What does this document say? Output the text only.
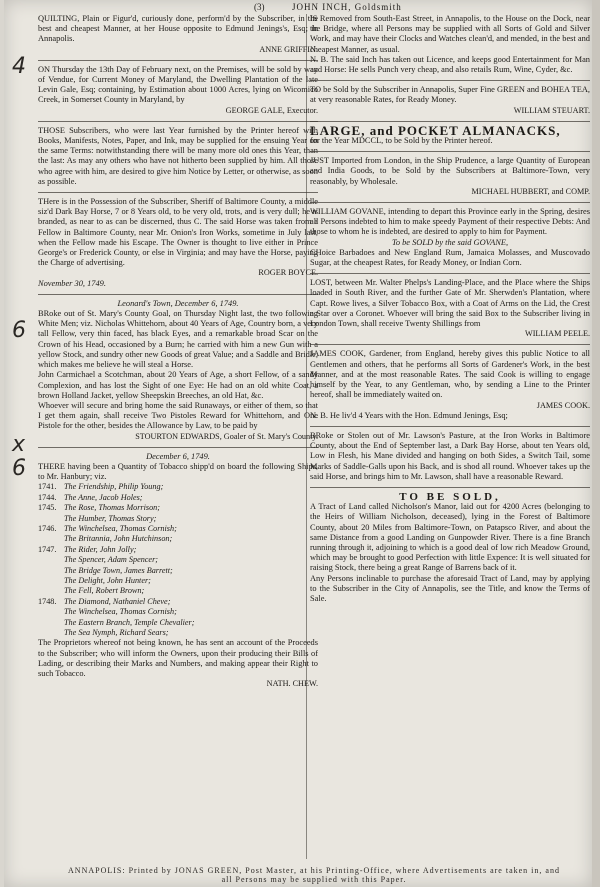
(3)	JOHN INCH, Goldsmith
4
6
x
6

QUILTING, Plain or Figur'd, curiously done, perform'd by the Subscriber, in the best and cheapest Manner, at her House opposite to Edmund Jenings's, Esq; in Annapolis.

ANNE GRIFFIN.

ON Thursday the 13th Day of February next, on the Premises, will be sold by way of Vendue, for Current Money of Maryland, the Dwelling Plantation of the late Levin Gale, Esq; containing, by Estimation about 1000 Acres, lying on Wicomico Creek, in Somerset County in Maryland, by

GEORGE GALE, Executor.

THOSE Subscribers, who were last Year furnished by the Printer hereof with Books, Manifests, Notes, Paper, and Ink, may be supplied for the ensuing Year on the same Terms: notwithstanding there will be many more old ones this Year, than the last: As may any others who have not hitherto been supplied by him. All those who agree with him, are desired to give him Notice by Letter, or otherwise, as soon as possible.

THere is in the Possession of the Subscriber, Sheriff of Baltimore County, a middle siz'd Dark Bay Horse, 7 or 8 Years old, to be very old, trots, and is very dull; he is branded, as near to as can be discerned, thus C. The said Horse was taken from a Fellow in Baltimore County, near Mr. Onion's Iron Works, sometime in July last, when the Fellow made his Escape. The Owner is thought to live either in Prince George's or Frederick County, or else in Virginia; and may have the Horse, paying the Charge of advertising.

ROGER BOYCE.

November 30, 1749.

Leonard's Town, December 6, 1749.

BRoke out of St. Mary's County Goal, on Thursday Night last, the two following White Men; viz. Nicholas Whittehorn, about 40 Years of Age, Country born, a very tall Fellow, very thin faced, has black Eyes, and a remarkable broad Scar on the Crown of his Head, occasioned by a Burn; he carried with him a new Gun with a yellow Stock, and sundry other new Goods of great Value; and a Saddle and Bridle, which makes me believe he will steal a Horse.

John Carmichael a Scotchman, about 20 Years of Age, a short Fellow, of a sandy Complexion, and has lost the Sight of one Eye: He had on an old white Coat, a brown Holland Jacket, yellow Sheepskin Breeches, an old Hat, &c.

Whoever will secure and bring home the said Runaways, or either of them, so that I get them again, shall receive Two Pistoles Reward for Whittehorn, and One Pistole for the other, besides the Allowance by Law, to be paid by

STOURTON EDWARDS, Goaler of St. Mary's County.

December 6, 1749.

THERE having been a Quantity of Tobacco shipp'd on board the following Ships, to Mr. Hanbury; viz.

1741. The Friendship, Philip Young;
1744. The Anne, Jacob Holes;
1745. The Rose, Thomas Morrison;
The Humber, Thomas Story;
1746. The Winchelsea, Thomas Cornish;
The Britannia, John Hutchinson;
1747. The Rider, John Jolly;
The Spencer, Adam Spencer;
The Bridge Town, James Barrett;
The Delight, John Hunter;
The Fell, Robert Brown;
1748. The Diamond, Nathaniel Cheve;
The Winchelsea, Thomas Cornish;
The Eastern Branch, Temple Chevalier;
The Sea Nymph, Richard Sears;

The Proprietors whereof not being known, he has sent an account of the Proceeds to the Subscriber; who will inform the Owners, upon their producing their Bills of Lading, or describing their Marks and Numbers, and making appear their Right to such Tobacco.

NATH. CHEW.

IS Removed from South-East Street, in Annapolis, to the House on the Dock, near the Bridge, where all Persons may be supplied with all Sorts of Gold and Silver Work, and may have their Clocks and Watches clean'd, and mended, in the best and cheapest Manner, as usual.

N. B. The said Inch has taken out Licence, and keeps good Entertainment for Man and Horse: He sells Punch very cheap, and also retails Rum, Wine, Cyder, &c.

TO be Sold by the Subscriber in Annapolis, Super Fine GREEN and BOHEA TEA, at very reasonable Rates, for Ready Money.

WILLIAM STEUART.

LARGE, and POCKET ALMANACKS,

for the Year MDCCL, to be Sold by the Printer hereof.

JUST Imported from London, in the Ship Prudence, a large Quantity of European and India Goods, to be Sold by the Subscribers at Baltimore-Town, very reasonably, by Wholesale.

MICHAEL HUBBERT, and COMP.

WILLIAM GOVANE, intending to depart this Province early in the Spring, desires all Persons indebted to him to make speedy Payment of their respective Debts: And those to whom he is indebted, are desired to apply to him for Payment.

To be SOLD by the said GOVANE,

CHoice Barbadoes and New England Rum, Jamaica Molasses, and Muscovado Sugar, at the cheapest Rates, for Ready Money, or Indian Corn.

LOST, between Mr. Walter Phelps's Landing-Place, and the Place where the Ships loaded in South River, and the further Gate of Mr. Sherwden's Plantation, where Capt. Rowe lives, a Silver Tobacco Box, with a Coat of Arms on the Lid, the Crest a Star over a Coronet. Whoever will bring the said Box to the Subscriber living in London Town, shall receive Twenty Shillings from

WILLIAM PEELE.

JAMES COOK, Gardener, from England, hereby gives this public Notice to all Gentlemen and others, that he performs all Sorts of Gardener's Work, in the best Manner, and at the most reasonable Rates. The said Cook is willing to engage himself by the Year, to any Gentleman, who, by sending a Line to the Printer hereof, shall be immediately waited on.

JAMES COOK.

N. B. He liv'd 4 Years with the Hon. Edmund Jenings, Esq;

BRoke or Stolen out of Mr. Lawson's Pasture, at the Iron Works in Baltimore County, about the End of September last, a Dark Bay Horse, about ten Years old, Low in Flesh, his Mane divided and hanging on both Sides, a Switch Tail, some Marks of Saddle-Galls upon his Back, and is shod all round. Whoever takes up the said Horse, and brings him to Mr. Lawson, shall have a reasonable Reward.

TO BE SOLD,

A Tract of Land called Nicholson's Manor, laid out for 4200 Acres (belonging to the Heirs of William Nicholson, deceased), lying in the Forest of Baltimore County, about 20 Miles from Baltimore-Town, on Patapsco River, and about the same Distance from a good Landing on Gunpowder River. There is a fine Branch running through it, adjoining to which is a good deal of low rich Meadow Ground, which may be brought to good Perfection with little Expence: It is well situated for raising Stock, there being a great Range of Barrens back of it.

Any Persons inclinable to purchase the aforesaid Tract of Land, may by applying to the Subscriber in the City of Annapolis, see the Title, and know the Terms of Sale.

ANNAPOLIS: Printed by JONAS GREEN, Post Master, at his Printing-Office, where Advertisements are taken in, and all Persons may be supplied with this Paper.
